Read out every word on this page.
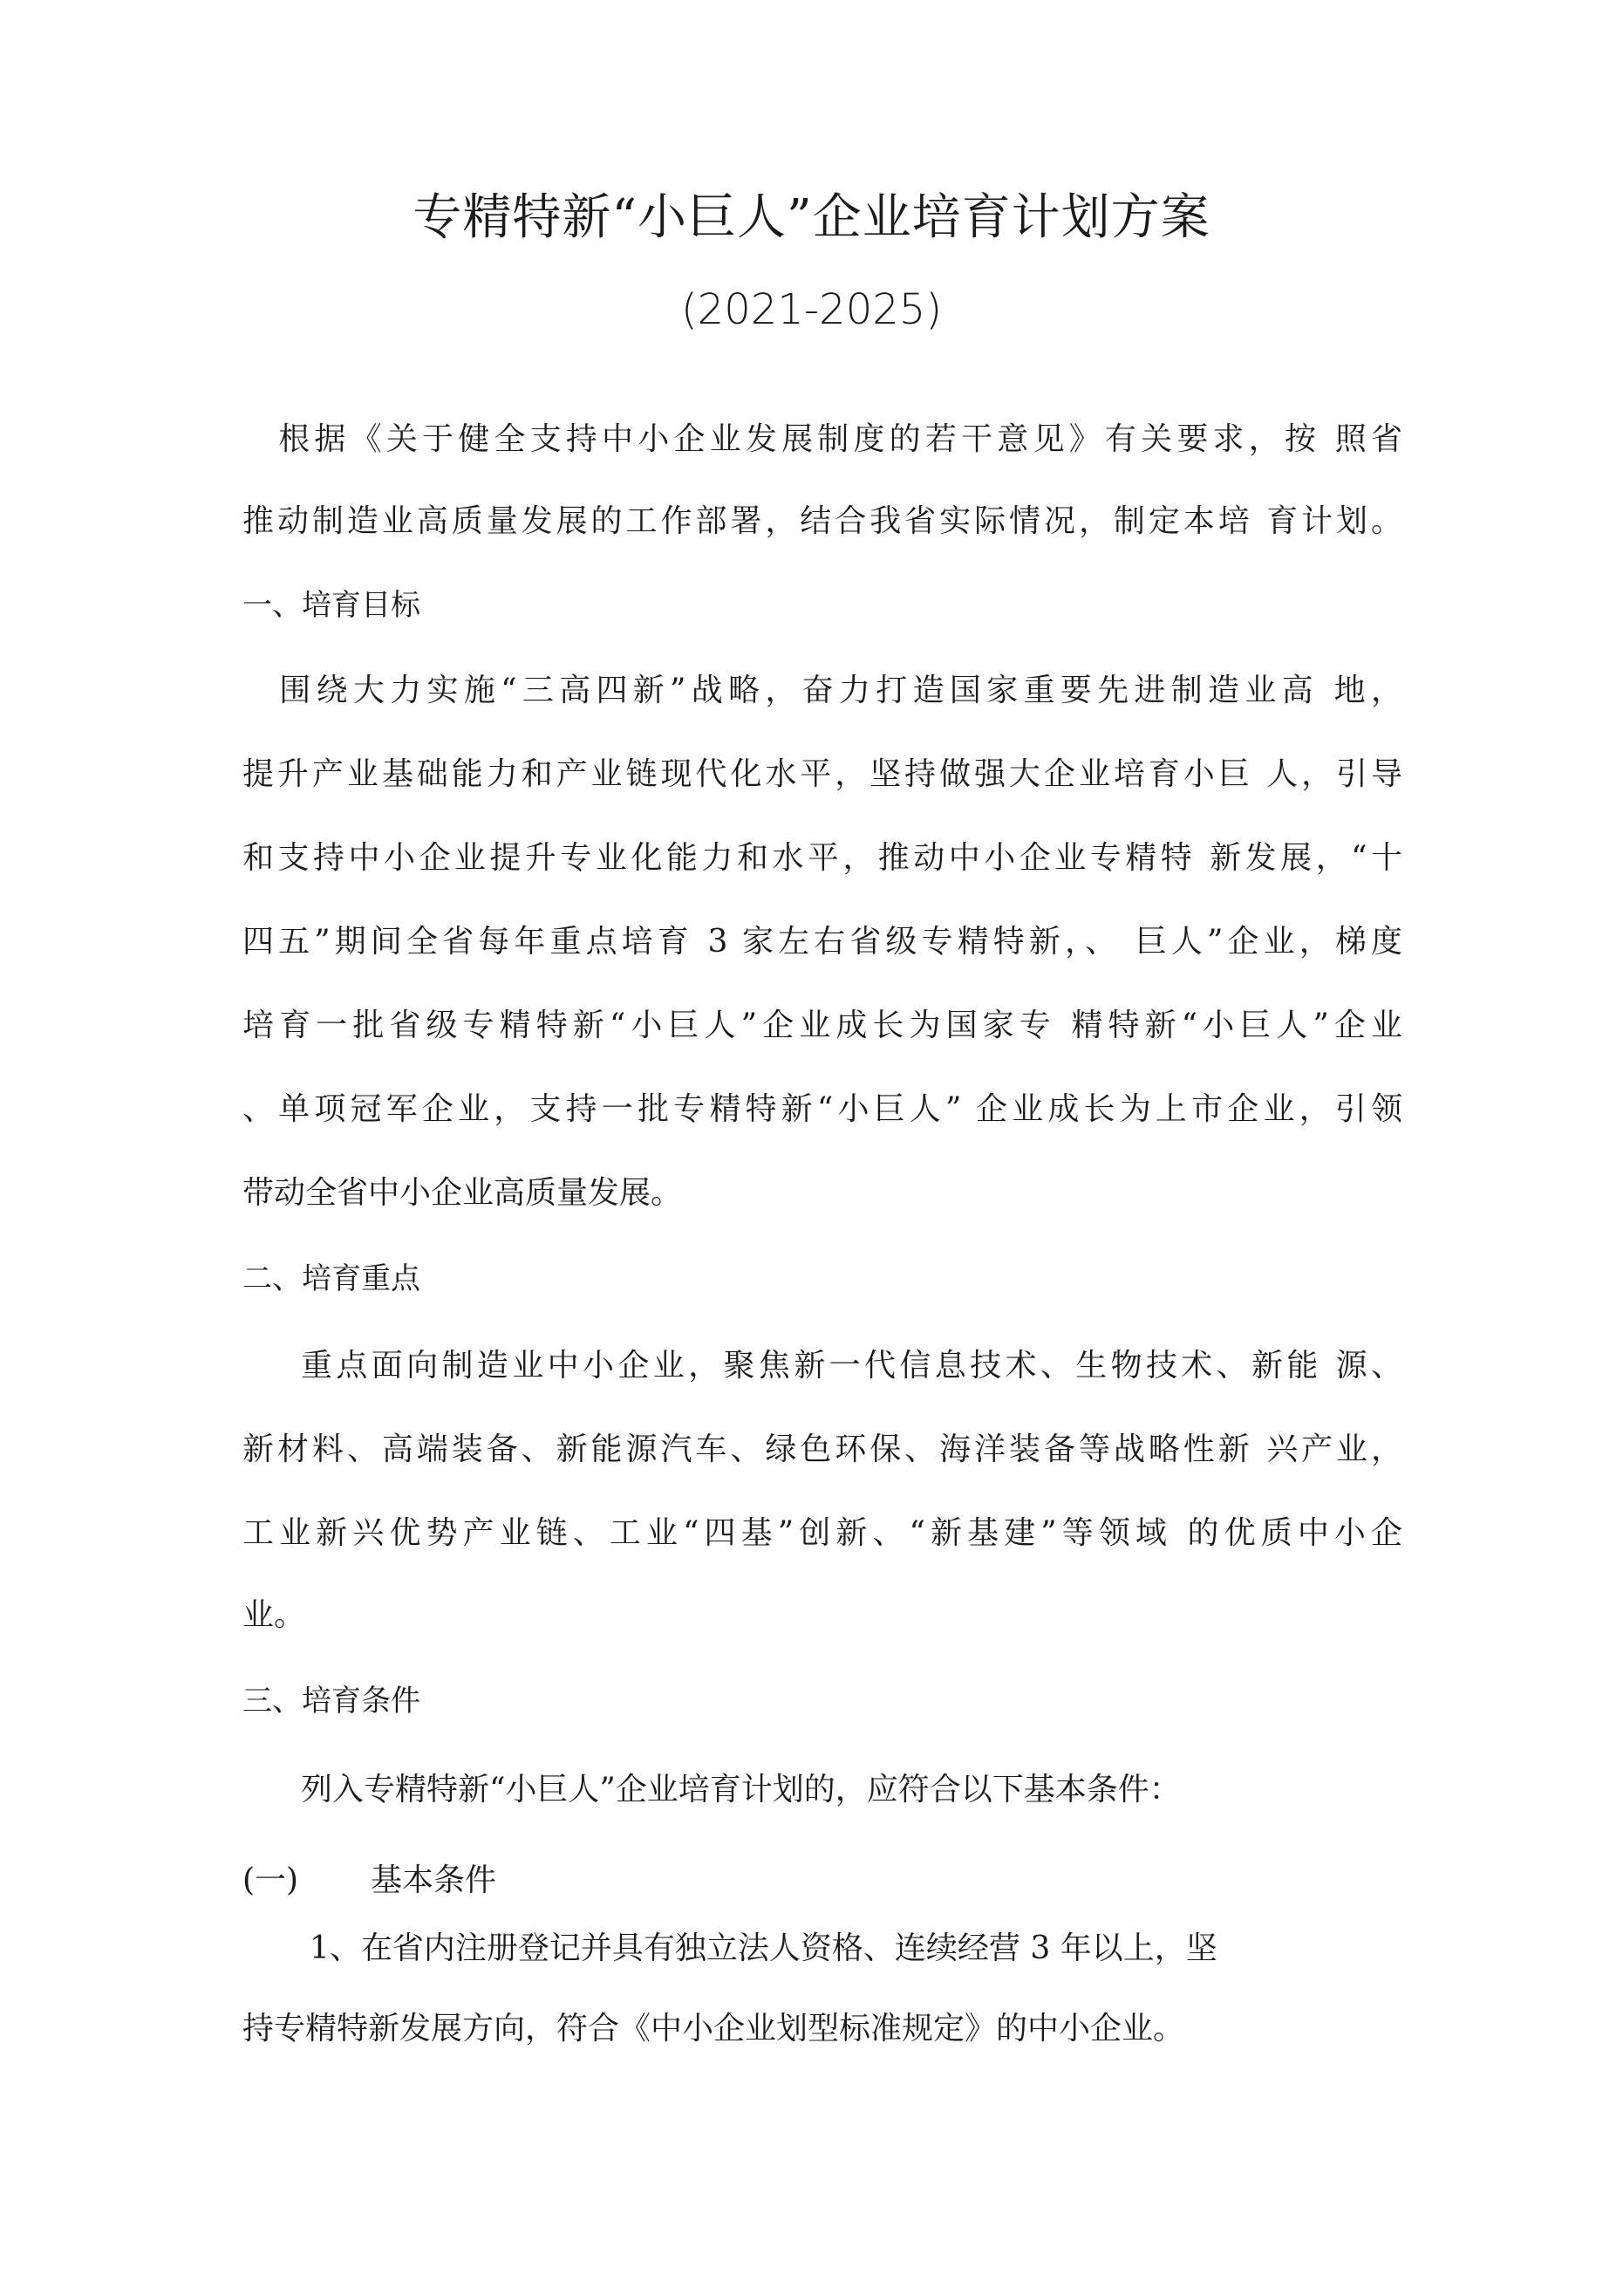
专精特新“小巨人”企业培育计划方案
(2021-2025)
　根据《关于健全支持中小企业发展制度的若干意见》有关要求，按 照省
推动制造业高质量发展的工作部署，结合我省实际情况，制定本培 育计划。
一、培育目标
　围绕大力实施“三高四新”战略，奋力打造国家重要先进制造业高 地，
提升产业基础能力和产业链现代化水平，坚持做强大企业培育小巨 人，引导
和支持中小企业提升专业化能力和水平，推动中小企业专精特 新发展，“十
四五”期间全省每年重点培育 3 家左右省级专精特新，、 巨人”企业，梯度
培育一批省级专精特新“小巨人”企业成长为国家专 精特新“小巨人”企业
、单项冠军企业，支持一批专精特新“小巨人” 企业成长为上市企业，引领
带动全省中小企业高质量发展。
二、培育重点
重点面向制造业中小企业，聚焦新一代信息技术、生物技术、新能 源、
新材料、高端装备、新能源汽车、绿色环保、海洋装备等战略性新 兴产业，
工业新兴优势产业链、工业“四基”创新、“新基建”等领域 的优质中小企
业。
三、培育条件
列入专精特新“小巨人”企业培育计划的，应符合以下基本条件：
(一) 基本条件
1、在省内注册登记并具有独立法人资格、连续经营 3 年以上，坚
持专精特新发展方向，符合《中小企业划型标准规定》的中小企业。
